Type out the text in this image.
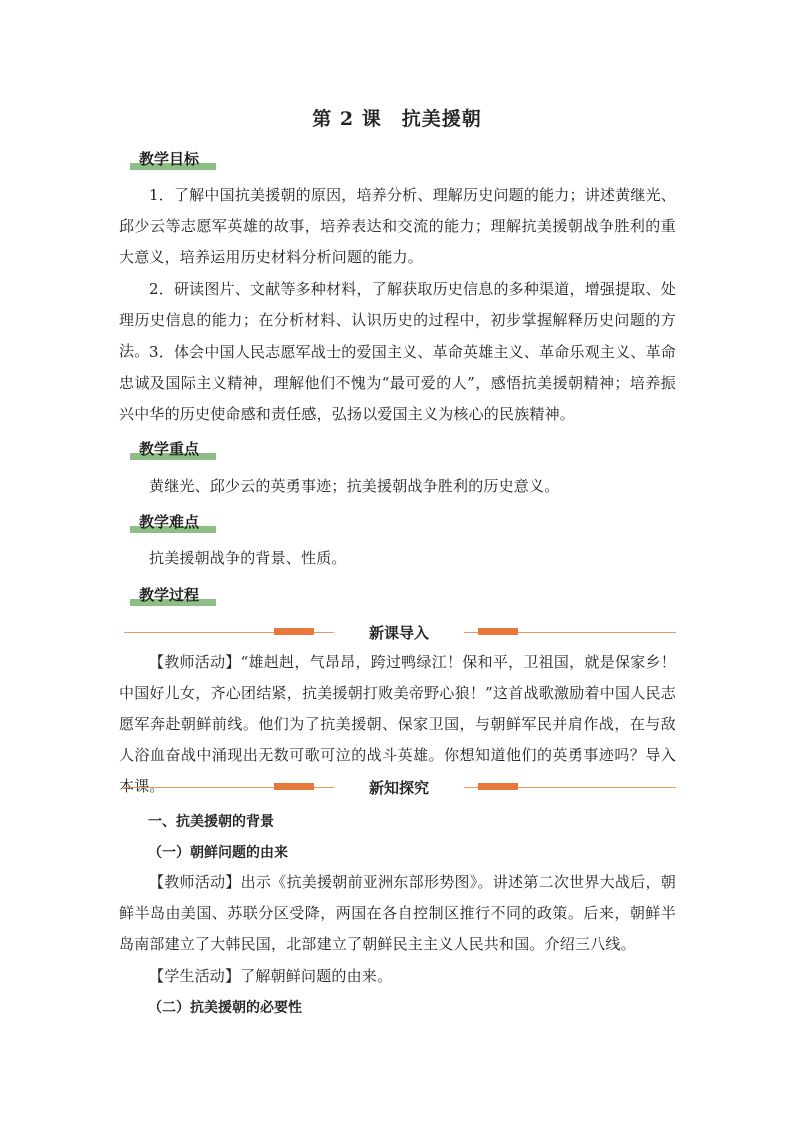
第 2 课　抗美援朝
教学目标
1．了解中国抗美援朝的原因，培养分析、理解历史问题的能力；讲述黄继光、邱少云等志愿军英雄的故事，培养表达和交流的能力；理解抗美援朝战争胜利的重大意义，培养运用历史材料分析问题的能力。
2．研读图片、文献等多种材料，了解获取历史信息的多种渠道，增强提取、处理历史信息的能力；在分析材料、认识历史的过程中，初步掌握解释历史问题的方法。 3．体会中国人民志愿军战士的爱国主义、革命英雄主义、革命乐观主义、革命忠诚及国际主义精神，理解他们不愧为“最可爱的人”，感悟抗美援朝精神；培养振兴中华的历史使命感和责任感，弘扬以爱国主义为核心的民族精神。
教学重点
黄继光、邱少云的英勇事迹；抗美援朝战争胜利的历史意义。
教学难点
抗美援朝战争的背景、性质。
教学过程
新课导入
【教师活动】“雄赳赳，气昂昂，跨过鸭绿江！保和平，卫祖国，就是保家乡！中国好儿女，齐心团结紧，抗美援朝打败美帝野心狼！”这首战歌激励着中国人民志愿军奔赴朝鲜前线。他们为了抗美援朝、保家卫国，与朝鲜军民并肩作战，在与敌人浴血奋战中涌现出无数可歌可泣的战斗英雄。你想知道他们的英勇事迹吗？导入本课。	新知探究
一、抗美援朝的背景
（一）朝鲜问题的由来
【教师活动】出示《抗美援朝前亚洲东部形势图》。讲述第二次世界大战后，朝鲜半岛由美国、苏联分区受降，两国在各自控制区推行不同的政策。后来，朝鲜半岛南部建立了大韩民国，北部建立了朝鲜民主主义人民共和国。介绍三八线。
【学生活动】了解朝鲜问题的由来。
（二）抗美援朝的必要性
